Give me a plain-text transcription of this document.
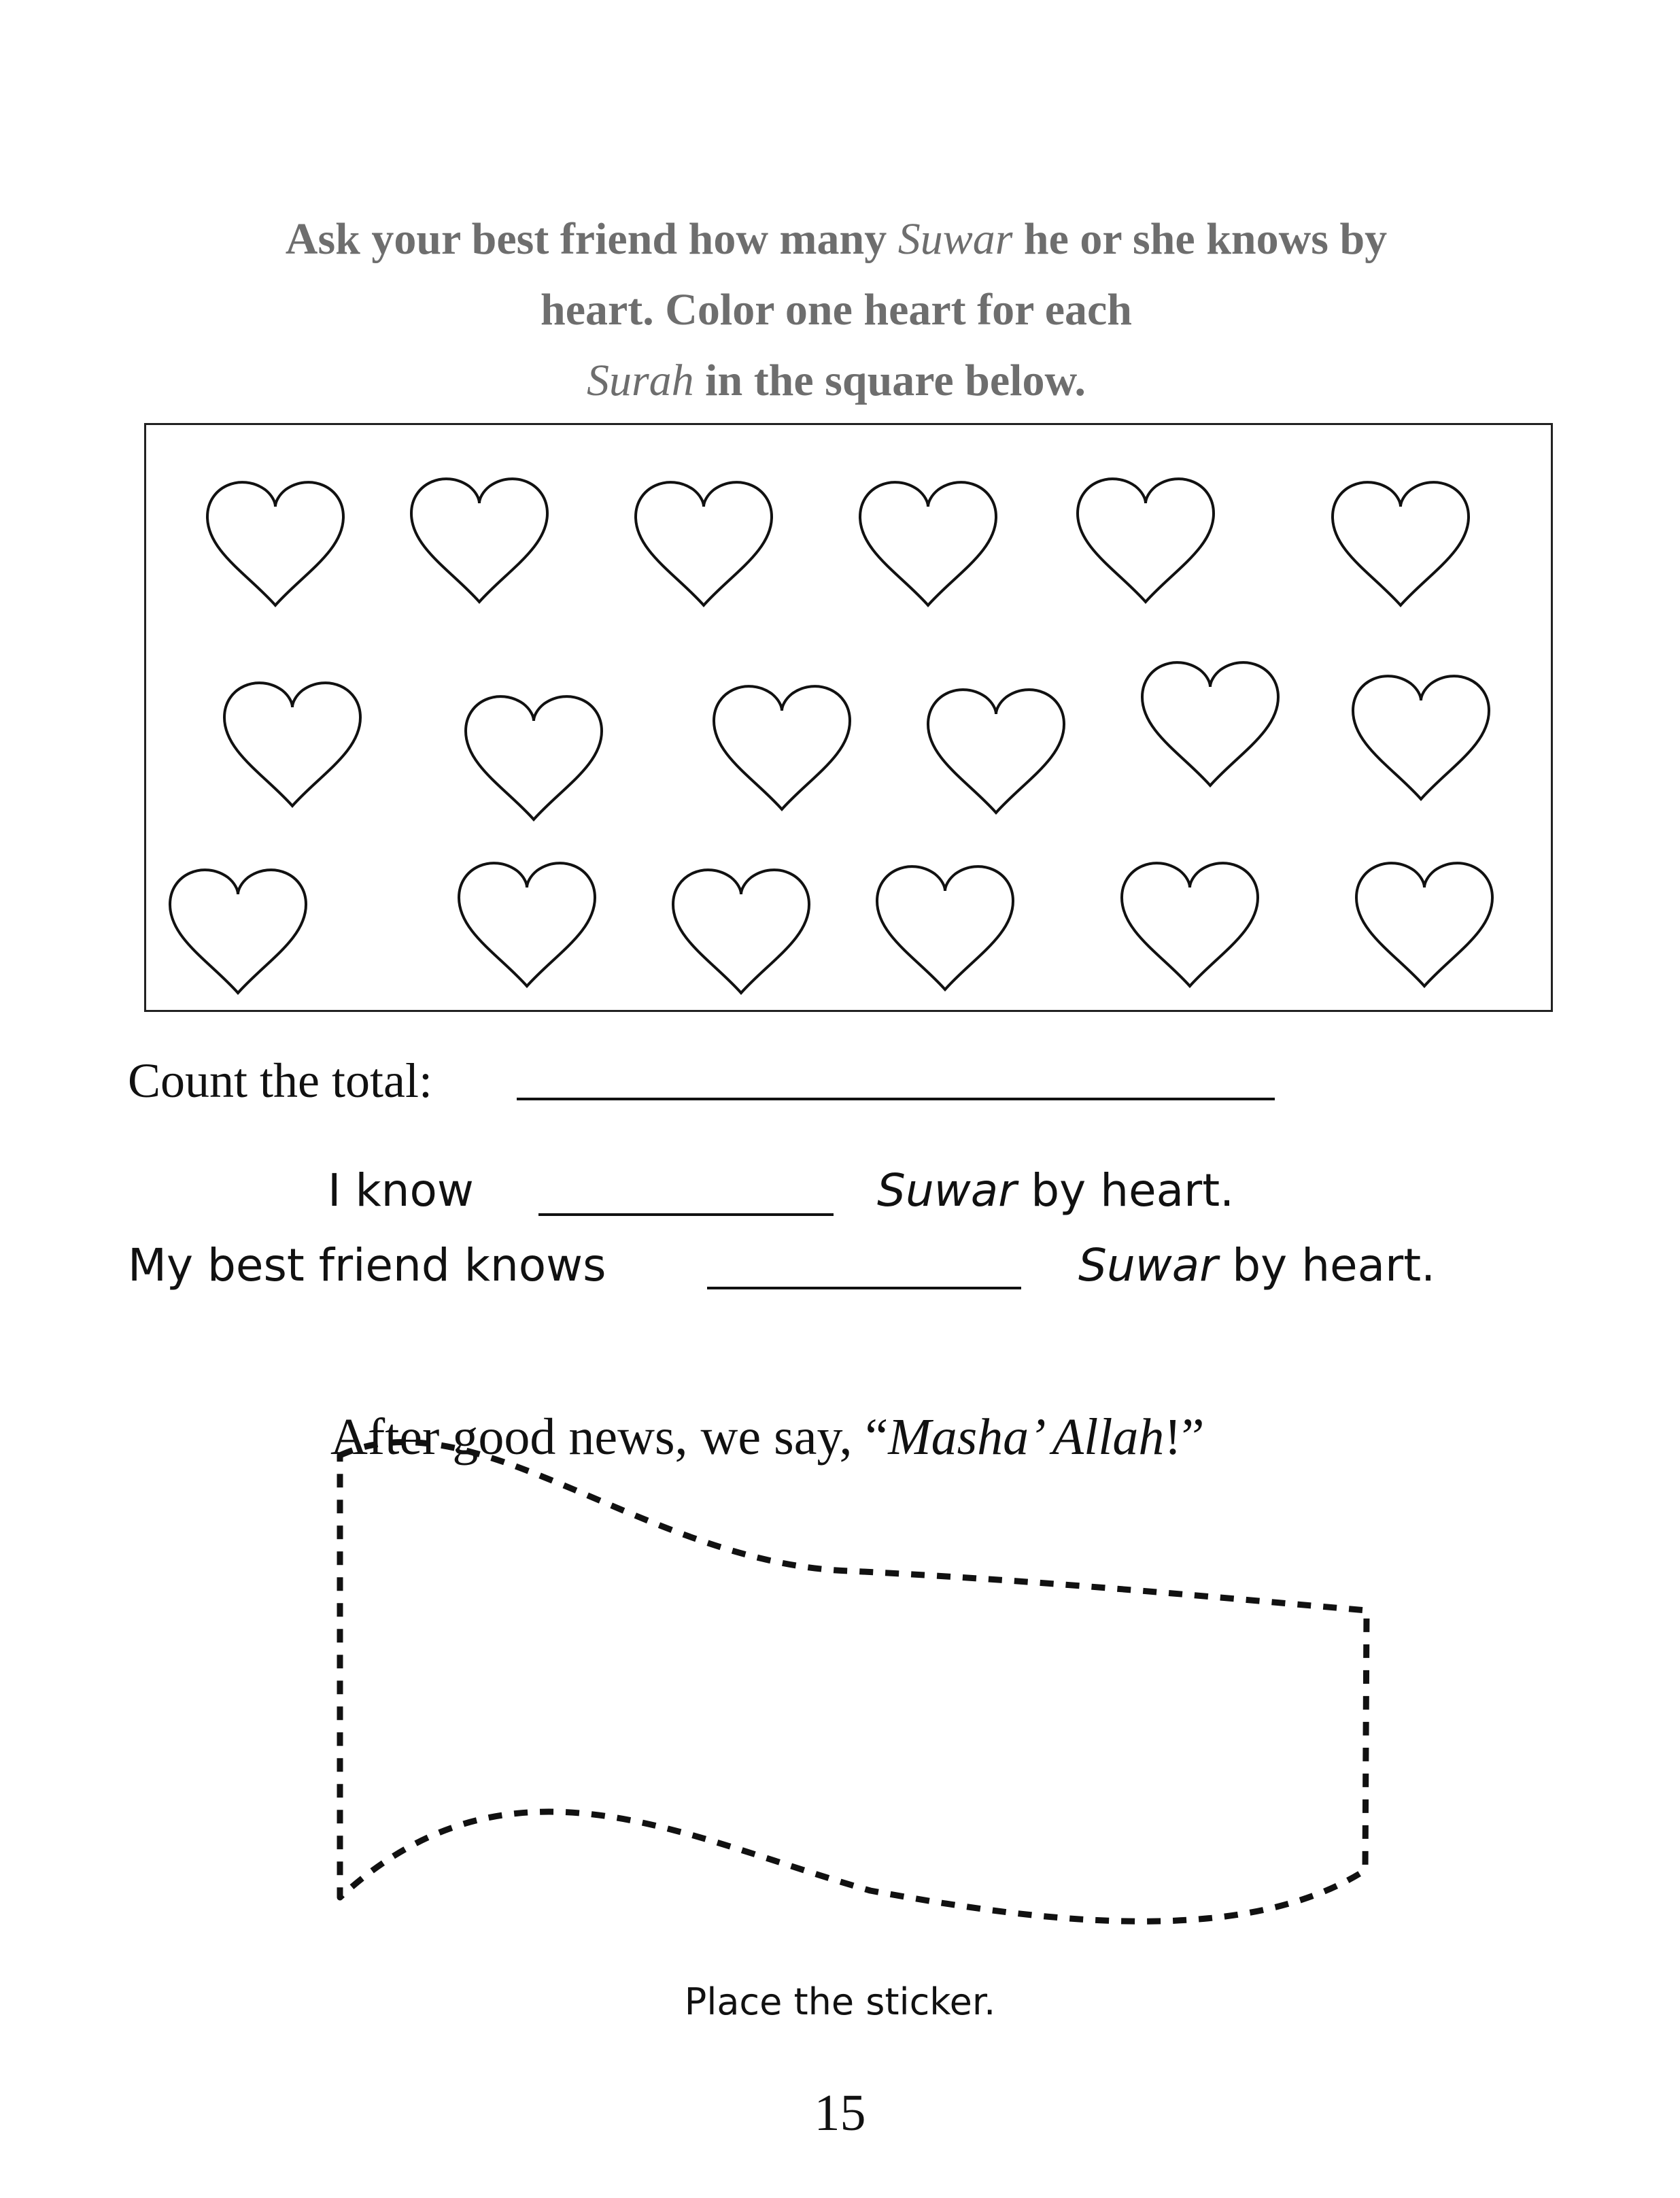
Ask your best friend how many Suwar he or she knows by
heart. Color one heart for each
Surah in the square below.
Count the total:
I know	Suwar by heart.
My best friend knows	Suwar by heart.
After good news, we say, “Masha’ Allah!”
Place the sticker.
15
